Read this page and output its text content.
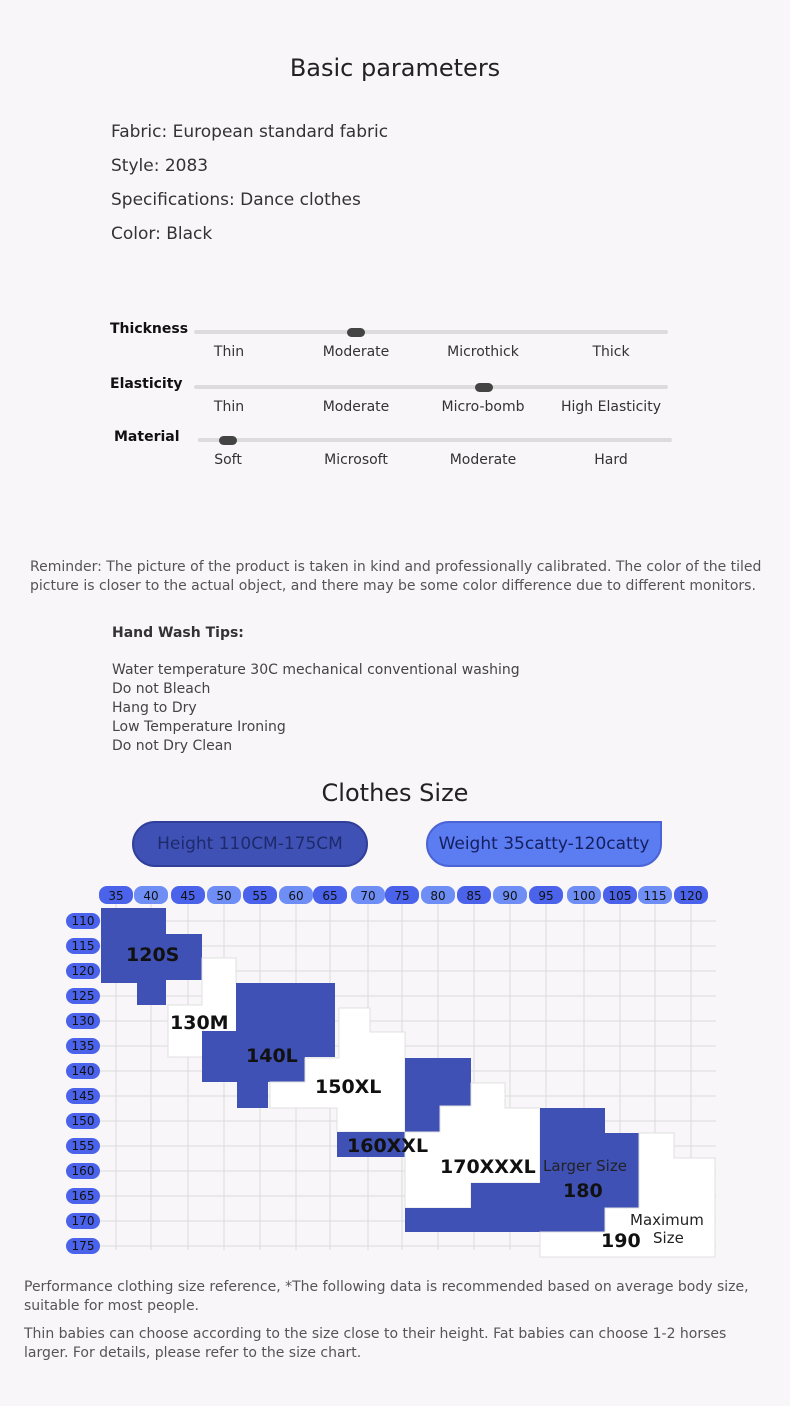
Basic parameters
Fabric: European standard fabric
Style: 2083
Specifications: Dance clothes
Color: Black
Thickness
Thin	Moderate	Microthick	Thick
Elasticity
Thin	Moderate	Micro-bomb	High Elasticity
Material
Soft	Microsoft	Moderate	Hard
Reminder: The picture of the product is taken in kind and professionally calibrated. The color of the tiled picture is closer to the actual object, and there may be some color difference due to different monitors.
Hand Wash Tips:
Water temperature 30C mechanical conventional washing
Do not Bleach
Hang to Dry
Low Temperature Ironing
Do not Dry Clean
Clothes Size
Height 110CM-175CM	Weight 35catty-120catty
35 40 45 50 55 60 65 70 75 80 85 90 95 100 105 115 120
110
115
120
125
130
135
140
145
150
155
160
165
170
175
120S
130M
140L
150XL
160XXL
170XXXL Larger Size
180
Maximum
Size
190
Performance clothing size reference, *The following data is recommended based on average body size, suitable for most people.
Thin babies can choose according to the size close to their height. Fat babies can choose 1-2 horses larger. For details, please refer to the size chart.
